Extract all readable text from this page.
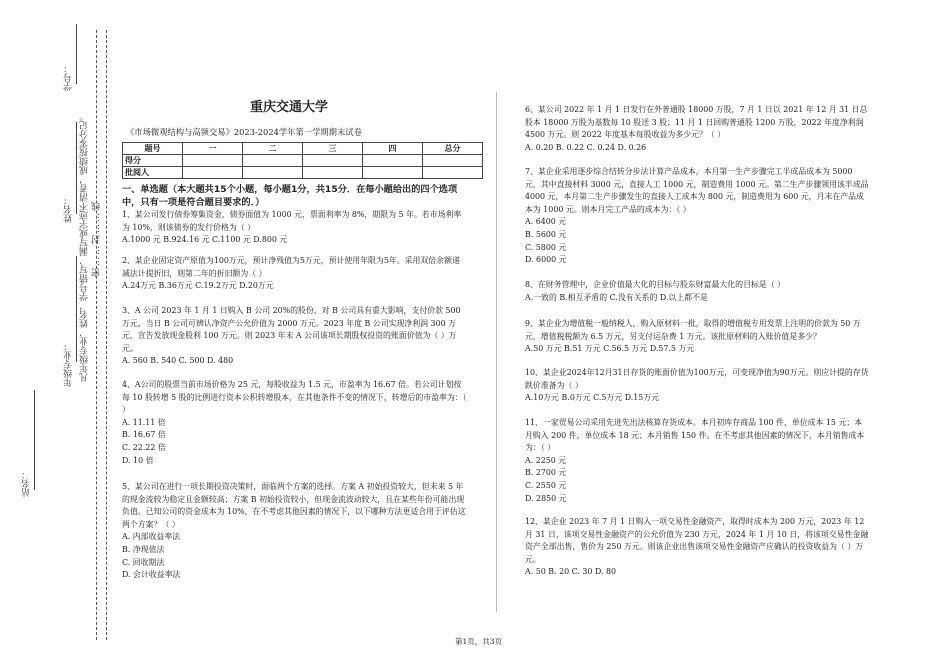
学号：
姓名：
年级专业： 凡年级专业、姓名、学号错写、漏写或字迹不清者，成绩按零分记。 密……封……线
站名：
重庆交通大学
《市场微观结构与高频交易》2023-2024学年第一学期期末试卷
题号	一	二	三	四	总分
得分					
批阅人					
一、单选题（本大题共15个小题，每小题1分，共15分．在每小题给出的四个选项中，只有一项是符合题目要求的．）

1、某公司发行债券筹集资金，债券面值为 1000 元，票面利率为 8%，期限为 5 年。若市场利率为 10%，则该债券的发行价格为（ ）

A.1000 元 B.924.16 元 C.1100 元 D.800 元

2、某企业固定资产原值为100万元，预计净残值为5万元，预计使用年限为5年。采用双倍余额递减法计提折旧，则第二年的折旧额为（ ）

A.24万元 B.36万元 C.19.2万元 D.20万元

3、A 公司 2023 年 1 月 1 日购入 B 公司 20%的股份，对 B 公司具有重大影响，支付价款 500 万元，当日 B 公司可辨认净资产公允价值为 2000 万元。2023 年度 B 公司实现净利润 300 万元，宣告发放现金股利 100 万元。则 2023 年末 A 公司该项长期股权投资的账面价值为（ ）万元。

A. 560 B. 540 C. 500 D. 480

4、A公司的股票当前市场价格为 25 元，每股收益为 1.5 元，市盈率为 16.67 倍。若公司计划按每 10 股转增 5 股的比例进行资本公积转增股本，在其他条件不变的情况下，转增后的市盈率为：（ ）

A. 11.11 倍

B. 16.67 倍

C. 22.22 倍

D. 10 倍

5、某公司在进行一项长期投资决策时，面临两个方案的选择。方案 A 初始投资较大，但未来 5 年的现金流较为稳定且金额较高；方案 B 初始投资较小，但现金流波动较大，且在某些年份可能出现负值。已知公司的资金成本为 10%，在不考虑其他因素的情况下，以下哪种方法更适合用于评估这两个方案？（ ）

A. 内部收益率法

B. 净现值法

C. 回收期法

D. 会计收益率法

6、某公司 2022 年 1 月 1 日发行在外普通股 18000 万股，7 月 1 日以 2021 年 12 月 31 日总股本 18000 万股为基数每 10 股送 3 股；11 月 1 日回购普通股 1200 万股，2022 年度净利润 4500 万元。则 2022 年度基本每股收益为多少元？（ ）

A. 0.20 B. 0.22 C. 0.24 D. 0.26

7、某企业采用逐步综合结转分步法计算产品成本，本月第一生产步骤完工半成品成本为 5000 元，其中直接材料 3000 元，直接人工 1000 元，制造费用 1000 元。第二生产步骤领用该半成品 4000 元，本月第二生产步骤发生的直接人工成本为 800 元，制造费用为 600 元，月末在产品成本为 1000 元。则本月完工产品的成本为：（ ）

A. 6400 元

B. 5600 元

C. 5800 元

D. 6000 元

8、在财务管理中，企业价值最大化的目标与股东财富最大化的目标是（ ）

A.一致的 B.相互矛盾的 C.没有关系的 D.以上都不是

9、某企业为增值税一般纳税人，购入原材料一批，取得的增值税专用发票上注明的价款为 50 万元，增值税税额为 6.5 万元，另支付运杂费 1 万元。该批原材料的入账价值是多少？

A.50 万元 B.51 万元 C.56.5 万元 D.57.5 万元

10、某企业2024年12月31日存货的账面价值为100万元，可变现净值为90万元。则应计提的存货跌价准备为（ ）

A.10万元 B.0万元 C.5万元 D.15万元

11、一家贸易公司采用先进先出法核算存货成本。本月初库存商品 100 件，单位成本 15 元；本月购入 200 件，单位成本 18 元；本月销售 150 件。在不考虑其他因素的情况下，本月销售成本为：（ ）

A. 2250 元

B. 2700 元

C. 2550 元

D. 2850 元

12、某企业 2023 年 7 月 1 日购入一项交易性金融资产，取得时成本为 200 万元，2023 年 12 月 31 日，该项交易性金融资产的公允价值为 230 万元，2024 年 1 月 10 日，将该项交易性金融资产全部出售，售价为 250 万元。则该企业出售该项交易性金融资产应确认的投资收益为（ ）万元。

A. 50 B. 20 C. 30 D. 80

第1页，共3页
